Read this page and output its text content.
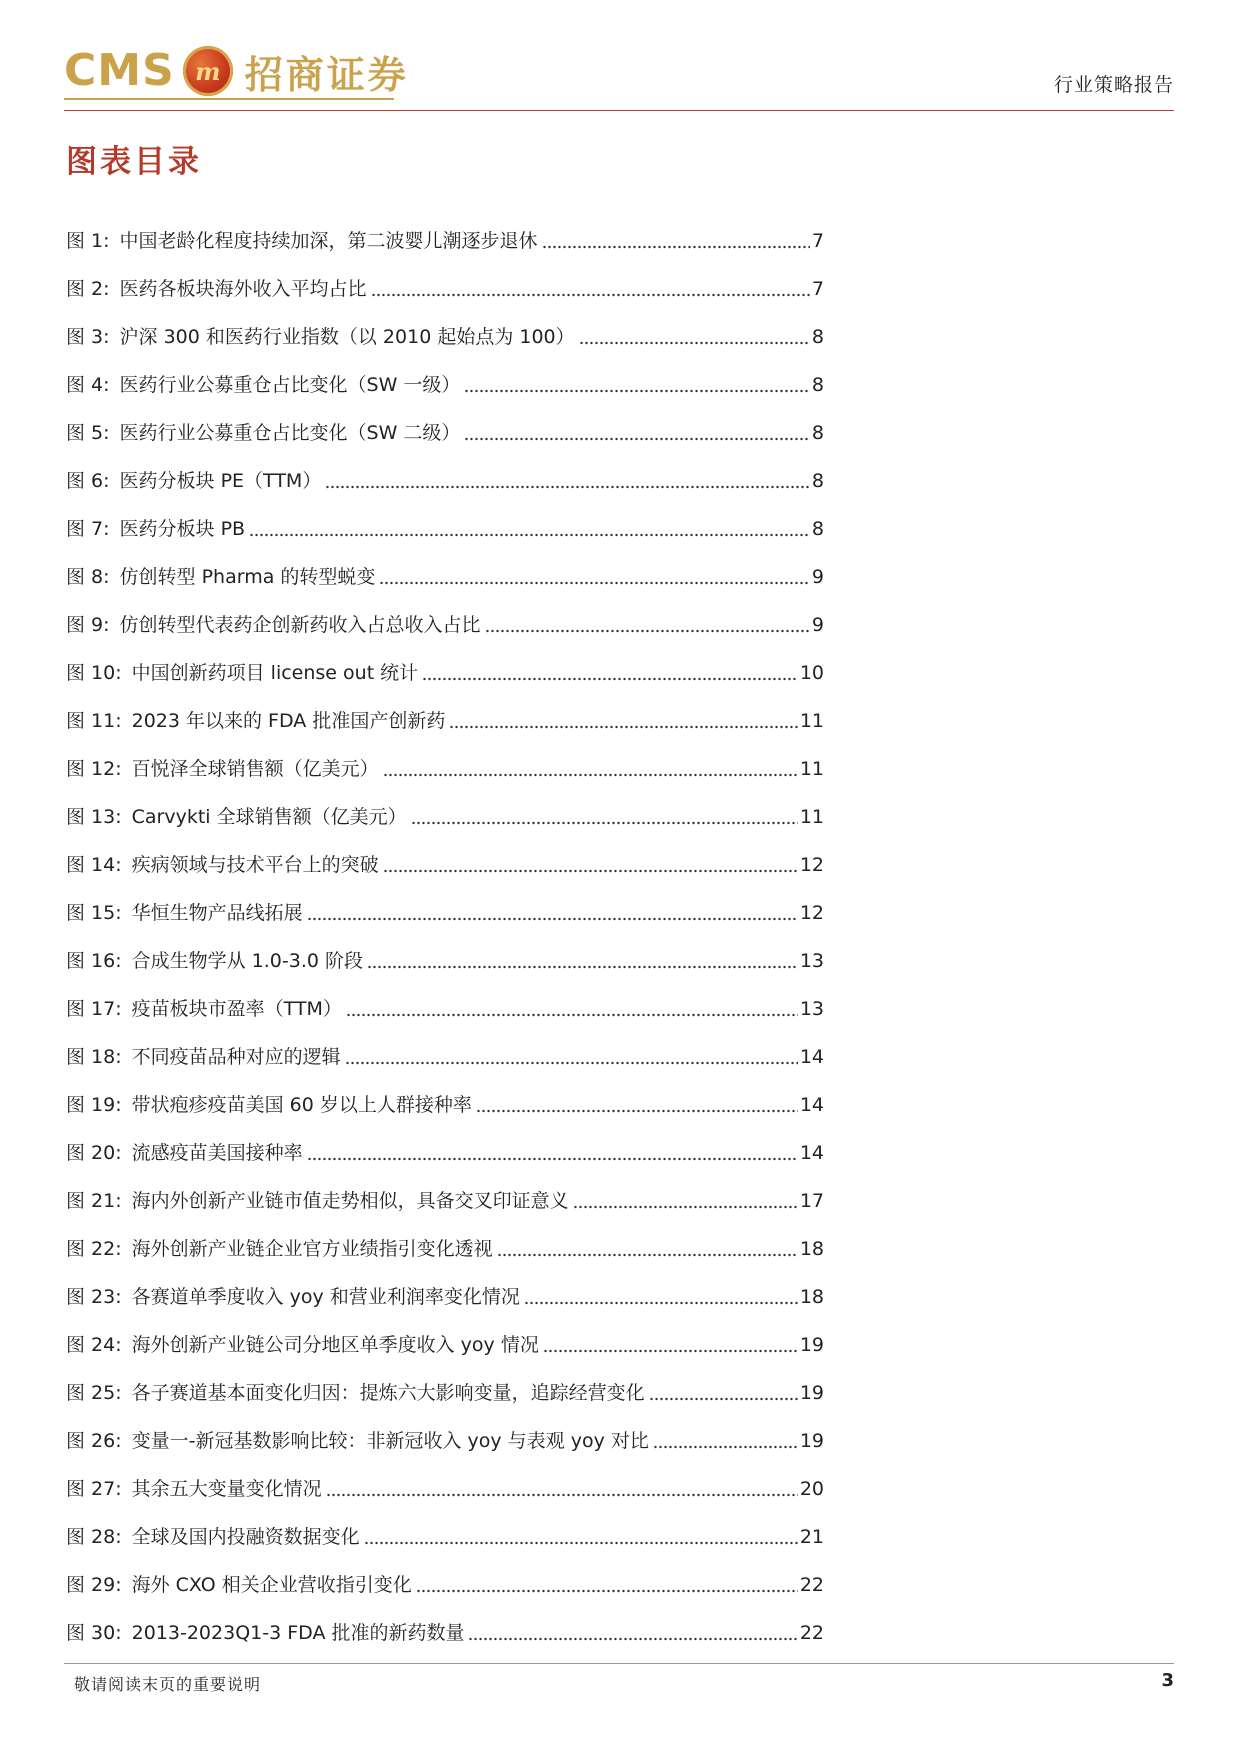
CMS m 招商证券	行业策略报告
图表目录
图 1 : 中国老龄化程度持续加深，第二波婴儿潮逐步退休	7
图 2 : 医药各板块海外收入平均占比	7
图 3 : 沪深 300 和医药行业指数（以 2010 起始点为 100）	8
图 4 : 医药行业公募重仓占比变化（SW 一级）	8
图 5 : 医药行业公募重仓占比变化（SW 二级）	8
图 6 : 医药分板块 PE（TTM）	8
图 7 : 医药分板块 PB	8
图 8 : 仿创转型 Pharma 的转型蜕变	9
图 9 : 仿创转型代表药企创新药收入占总收入占比	9
图 10 : 中国创新药项目 license out 统计	10
图 11 : 2023 年以来的 FDA 批准国产创新药	11
图 12 : 百悦泽全球销售额（亿美元）	11
图 13 : Carvykti 全球销售额（亿美元）	11
图 14 : 疾病领域与技术平台上的突破	12
图 15 : 华恒生物产品线拓展	12
图 16 : 合成生物学从 1.0-3.0 阶段	13
图 17 : 疫苗板块市盈率（TTM）	13
图 18 : 不同疫苗品种对应的逻辑	14
图 19 : 带状疱疹疫苗美国 60 岁以上人群接种率	14
图 20 : 流感疫苗美国接种率	14
图 21 : 海内外创新产业链市值走势相似，具备交叉印证意义	17
图 22 : 海外创新产业链企业官方业绩指引变化透视	18
图 23 : 各赛道单季度收入 yoy 和营业利润率变化情况	18
图 24 : 海外创新产业链公司分地区单季度收入 yoy 情况	19
图 25 : 各子赛道基本面变化归因：提炼六大影响变量，追踪经营变化	19
图 26 : 变量一-新冠基数影响比较：非新冠收入 yoy 与表观 yoy 对比	19
图 27 : 其余五大变量变化情况	20
图 28 : 全球及国内投融资数据变化	21
图 29 : 海外 CXO 相关企业营收指引变化	22
图 30 : 2013-2023Q1-3 FDA 批准的新药数量	22
敬请阅读末页的重要说明	3
